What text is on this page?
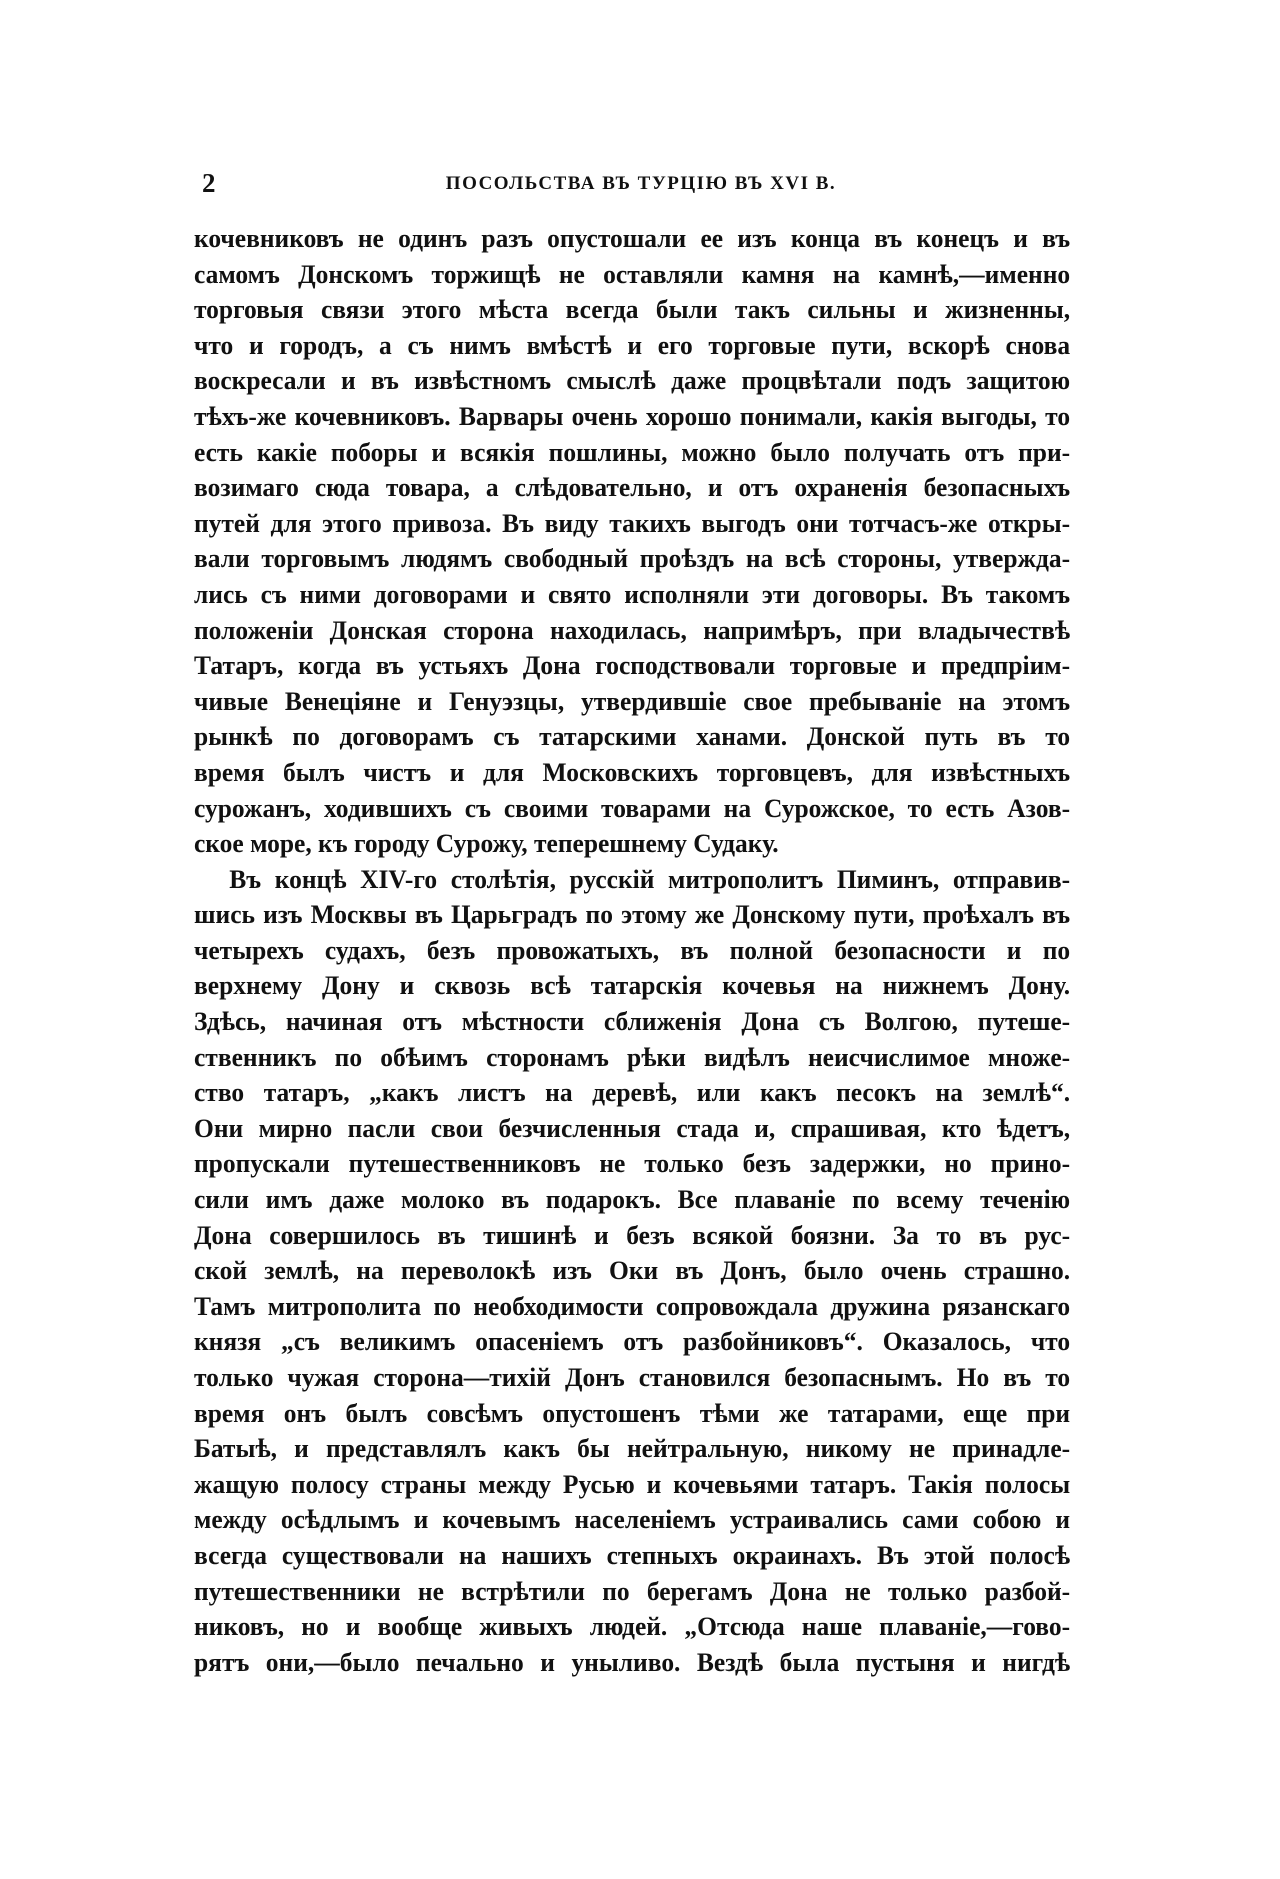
2	ПОСОЛЬСТВА ВЪ ТУРЦІЮ ВЪ XVI В.
кочевниковъ не одинъ разъ опустошали ее изъ конца въ конецъ и въ
самомъ Донскомъ торжищѣ не оставляли камня на камнѣ,—именно
торговыя связи этого мѣста всегда были такъ сильны и жизненны,
что и городъ, а съ нимъ вмѣстѣ и его торговые пути, вскорѣ снова
воскресали и въ извѣстномъ смыслѣ даже процвѣтали подъ защитою
тѣхъ-же кочевниковъ. Варвары очень хорошо понимали, какія выгоды, то
есть какіе поборы и всякія пошлины, можно было получать отъ при-
возимаго сюда товара, а слѣдовательно, и отъ охраненія безопасныхъ
путей для этого привоза. Въ виду такихъ выгодъ они тотчасъ-же откры-
вали торговымъ людямъ свободный проѣздъ на всѣ стороны, утвержда-
лись съ ними договорами и свято исполняли эти договоры. Въ такомъ
положеніи Донская сторона находилась, напримѣръ, при владычествѣ
Татаръ, когда въ устьяхъ Дона господствовали торговые и предпріим-
чивые Венеціяне и Генуэзцы, утвердившіе свое пребываніе на этомъ
рынкѣ по договорамъ съ татарскими ханами. Донской путь въ то
время былъ чистъ и для Московскихъ торговцевъ, для извѣстныхъ
сурожанъ, ходившихъ съ своими товарами на Сурожское, то есть Азов-
ское море, къ городу Сурожу, теперешнему Судаку.
Въ концѣ XIV-го столѣтія, русскій митрополитъ Пиминъ, отправив-
шись изъ Москвы въ Царьградъ по этому же Донскому пути, проѣхалъ въ
четырехъ судахъ, безъ провожатыхъ, въ полной безопасности и по
верхнему Дону и сквозь всѣ татарскія кочевья на нижнемъ Дону.
Здѣсь, начиная отъ мѣстности сближенія Дона съ Волгою, путеше-
ственникъ по обѣимъ сторонамъ рѣки видѣлъ неисчислимое множе-
ство татаръ, „какъ листъ на деревѣ, или какъ песокъ на землѣ“.
Они мирно пасли свои безчисленныя стада и, спрашивая, кто ѣдетъ,
пропускали путешественниковъ не только безъ задержки, но прино-
сили имъ даже молоко въ подарокъ. Все плаваніе по всему теченію
Дона совершилось въ тишинѣ и безъ всякой боязни. За то въ рус-
ской землѣ, на переволокѣ изъ Оки въ Донъ, было очень страшно.
Тамъ митрополита по необходимости сопровождала дружина рязанскаго
князя „съ великимъ опасеніемъ отъ разбойниковъ“. Оказалось, что
только чужая сторона—тихій Донъ становился безопаснымъ. Но въ то
время онъ былъ совсѣмъ опустошенъ тѣми же татарами, еще при
Батыѣ, и представлялъ какъ бы нейтральную, никому не принадле-
жащую полосу страны между Русью и кочевьями татаръ. Такія полосы
между осѣдлымъ и кочевымъ населеніемъ устраивались сами собою и
всегда существовали на нашихъ степныхъ окраинахъ. Въ этой полосѣ
путешественники не встрѣтили по берегамъ Дона не только разбой-
никовъ, но и вообще живыхъ людей. „Отсюда наше плаваніе,—гово-
рятъ они,—было печально и уныливо. Вездѣ была пустыня и нигдѣ
